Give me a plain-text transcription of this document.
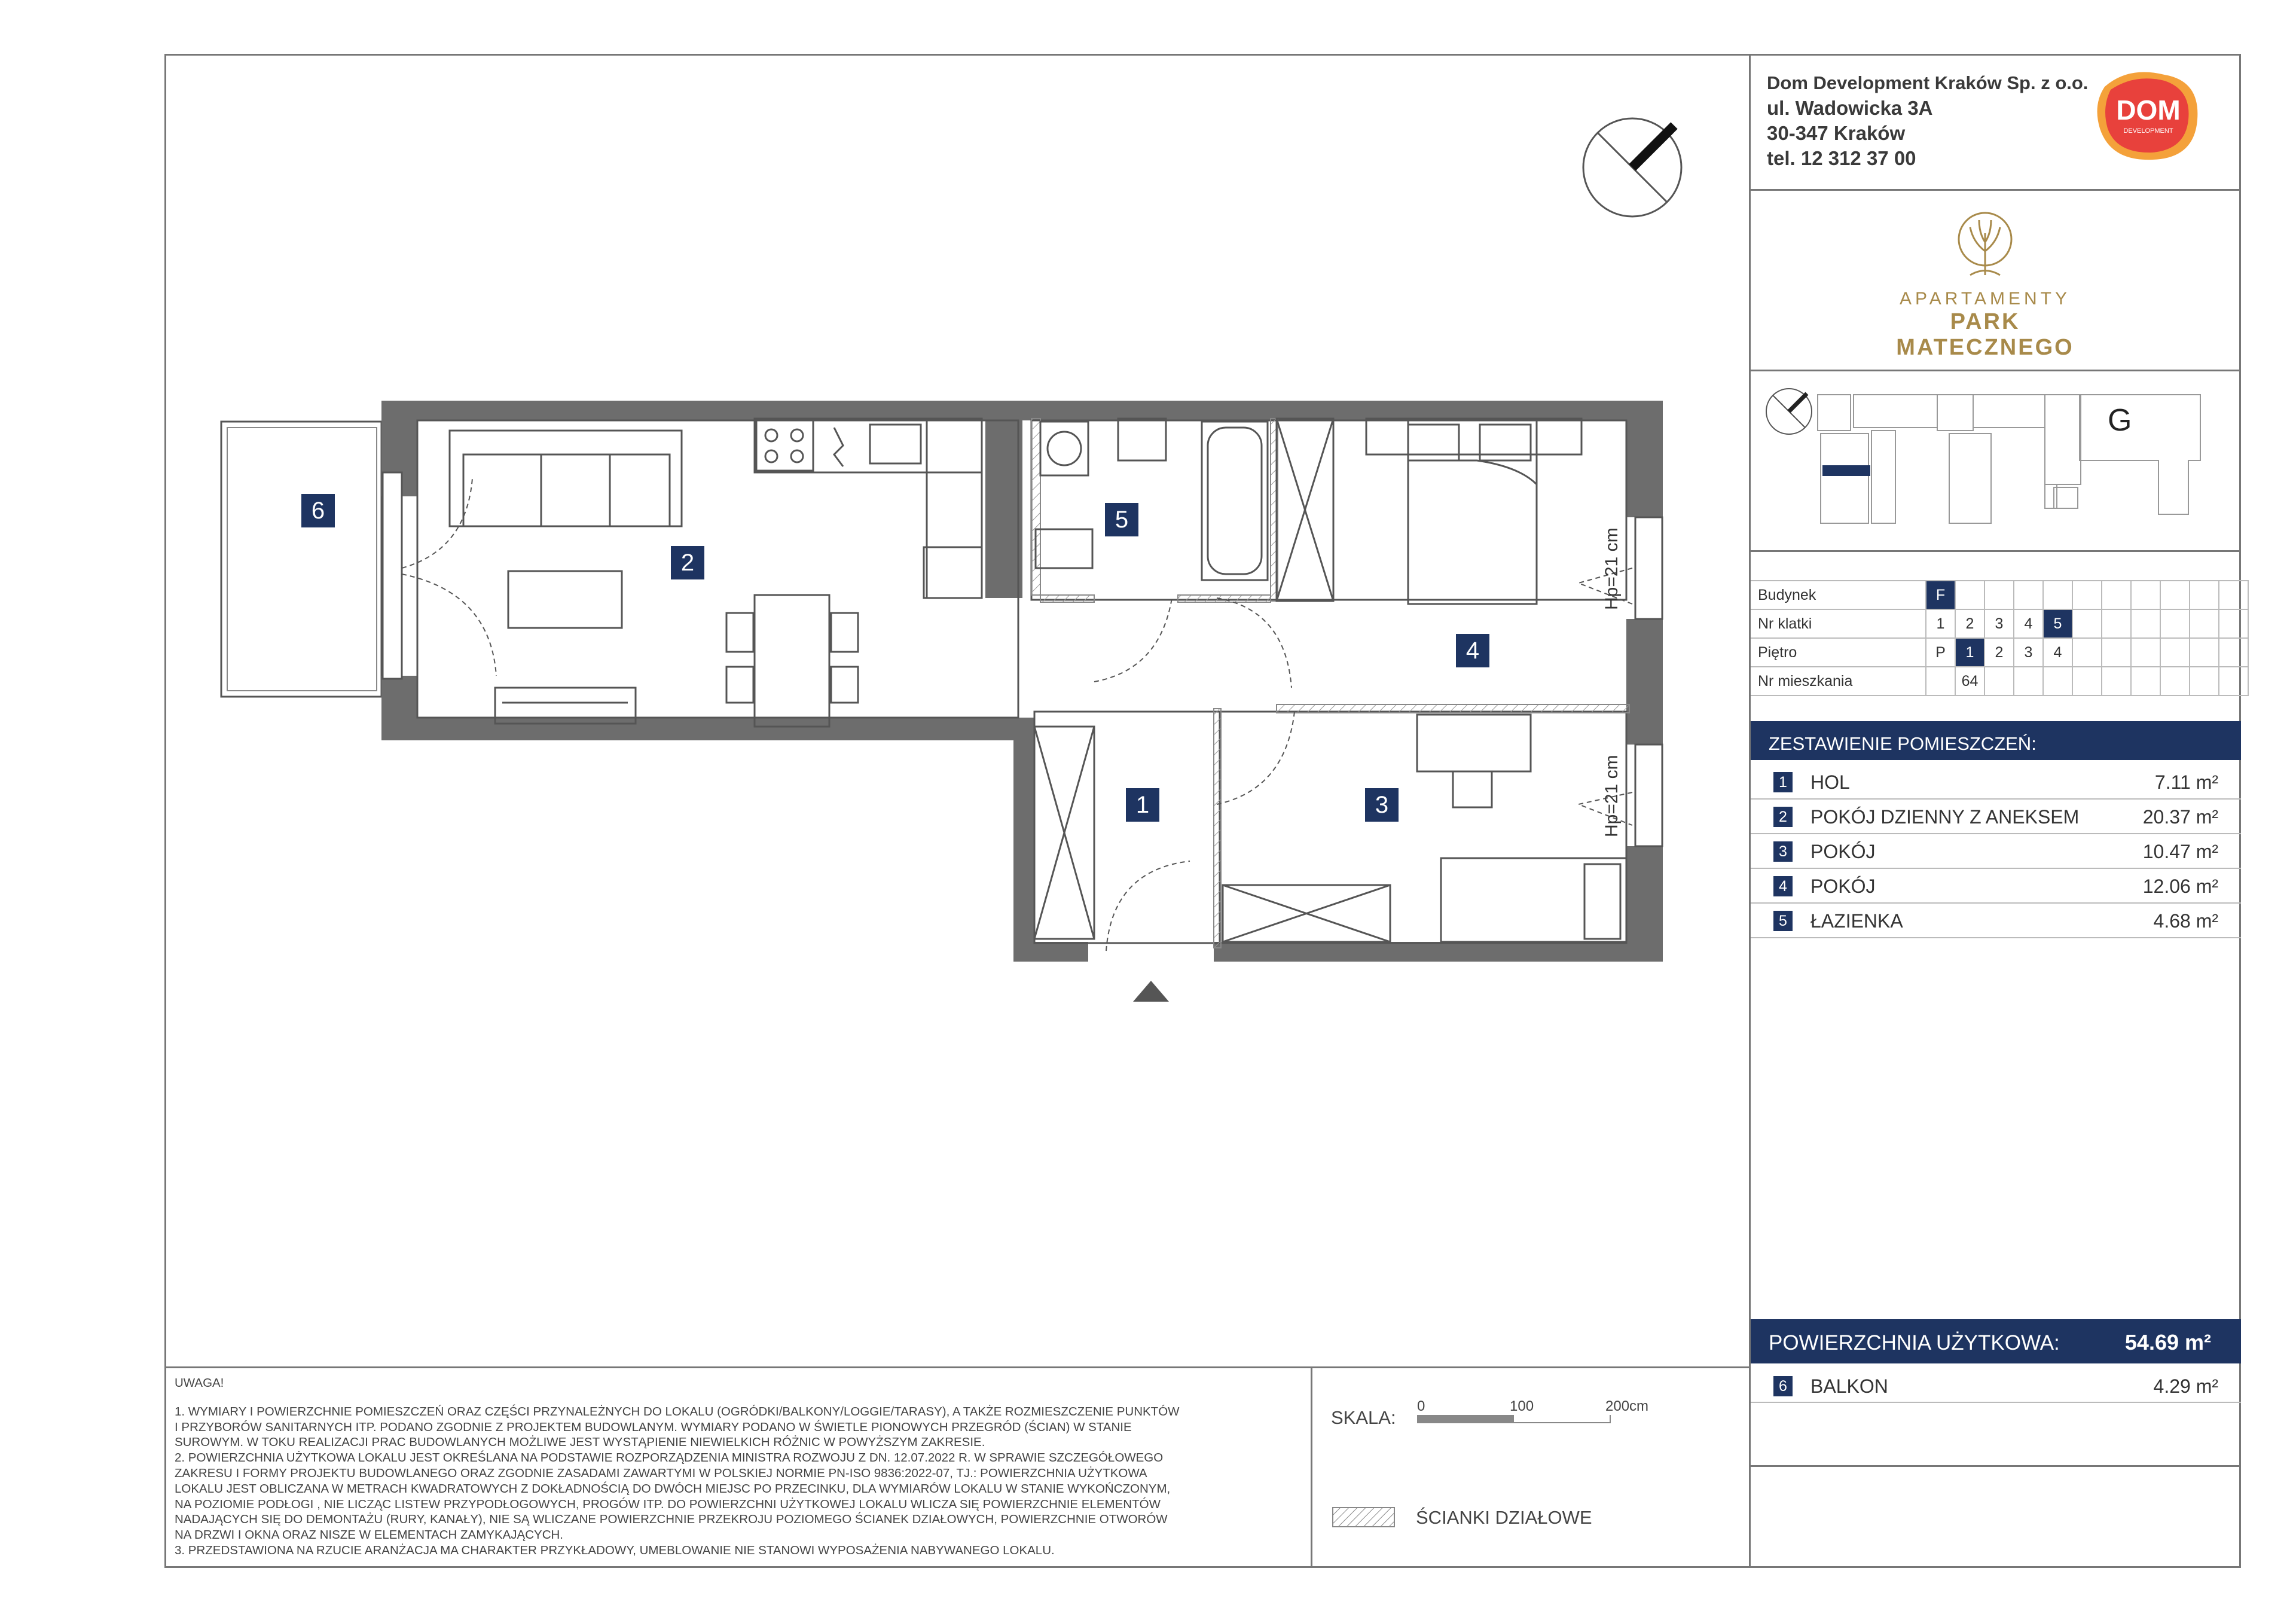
Dom Development Kraków Sp. z o.o.
ul. Wadowicka 3A
30-347 Kraków
tel. 12 312 37 00
DOM
DEVELOPMENT
APARTAMENTY
PARK MATECZNEGO
G
Budynek	F										
Nr klatki	1	2	3	4	5						
Piętro	P	1	2	3	4						
Nr mieszkania		64									
ZESTAWIENIE POMIESZCZEŃ:
1 HOL	7.11 m²
2 POKÓJ DZIENNY Z ANEKSEM	20.37 m²
3 POKÓJ	10.47 m²
4 POKÓJ	12.06 m²
5 ŁAZIENKA	4.68 m²
POWIERZCHNIA UŻYTKOWA:	54.69 m²
6 BALKON	4.29 m²
UWAGA!
1. WYMIARY I POWIERZCHNIE POMIESZCZEŃ ORAZ CZĘŚCI PRZYNALEŻNYCH DO LOKALU (OGRÓDKI/BALKONY/LOGGIE/TARASY), A TAKŻE ROZMIESZCZENIE PUNKTÓW
I PRZYBORÓW SANITARNYCH ITP. PODANO ZGODNIE Z PROJEKTEM BUDOWLANYM. WYMIARY PODANO W ŚWIETLE PIONOWYCH PRZEGRÓD (ŚCIAN) W STANIE
SUROWYM. W TOKU REALIZACJI PRAC BUDOWLANYCH MOŻLIWE JEST WYSTĄPIENIE NIEWIELKICH RÓŻNIC W POWYŻSZYM ZAKRESIE.
2. POWIERZCHNIA UŻYTKOWA LOKALU JEST OKREŚLANA NA PODSTAWIE ROZPORZĄDZENIA MINISTRA ROZWOJU Z DN. 12.07.2022 R. W SPRAWIE SZCZEGÓŁOWEGO
ZAKRESU I FORMY PROJEKTU BUDOWLANEGO ORAZ ZGODNIE ZASADAMI ZAWARTYMI W POLSKIEJ NORMIE PN-ISO 9836:2022-07, TJ.: POWIERZCHNIA UŻYTKOWA
LOKALU JEST OBLICZANA W METRACH KWADRATOWYCH Z DOKŁADNOŚCIĄ DO DWÓCH MIEJSC PO PRZECINKU, DLA WYMIARÓW LOKALU W STANIE WYKOŃCZONYM,
NA POZIOMIE PODŁOGI , NIE LICZĄC LISTEW PRZYPODŁOGOWYCH, PROGÓW ITP. DO POWIERZCHNI UŻYTKOWEJ LOKALU WLICZA SIĘ POWIERZCHNIE ELEMENTÓW
NADAJĄCYCH SIĘ DO DEMONTAŻU (RURY, KANAŁY), NIE SĄ WLICZANE POWIERZCHNIE PRZEKROJU POZIOMEGO ŚCIANEK DZIAŁOWYCH, POWIERZCHNIE OTWORÓW
NA DRZWI I OKNA ORAZ NISZE W ELEMENTACH ZAMYKAJĄCYCH.
3. PRZEDSTAWIONA NA RZUCIE ARANŻACJA MA CHARAKTER PRZYKŁADOWY, UMEBLOWANIE NIE STANOWI WYPOSAŻENIA NABYWANEGO LOKALU.
SKALA:
0	100	200cm
ŚCIANKI DZIAŁOWE
Hp=21 cm
Hp=21 cm
6
2
5
4
1	3
